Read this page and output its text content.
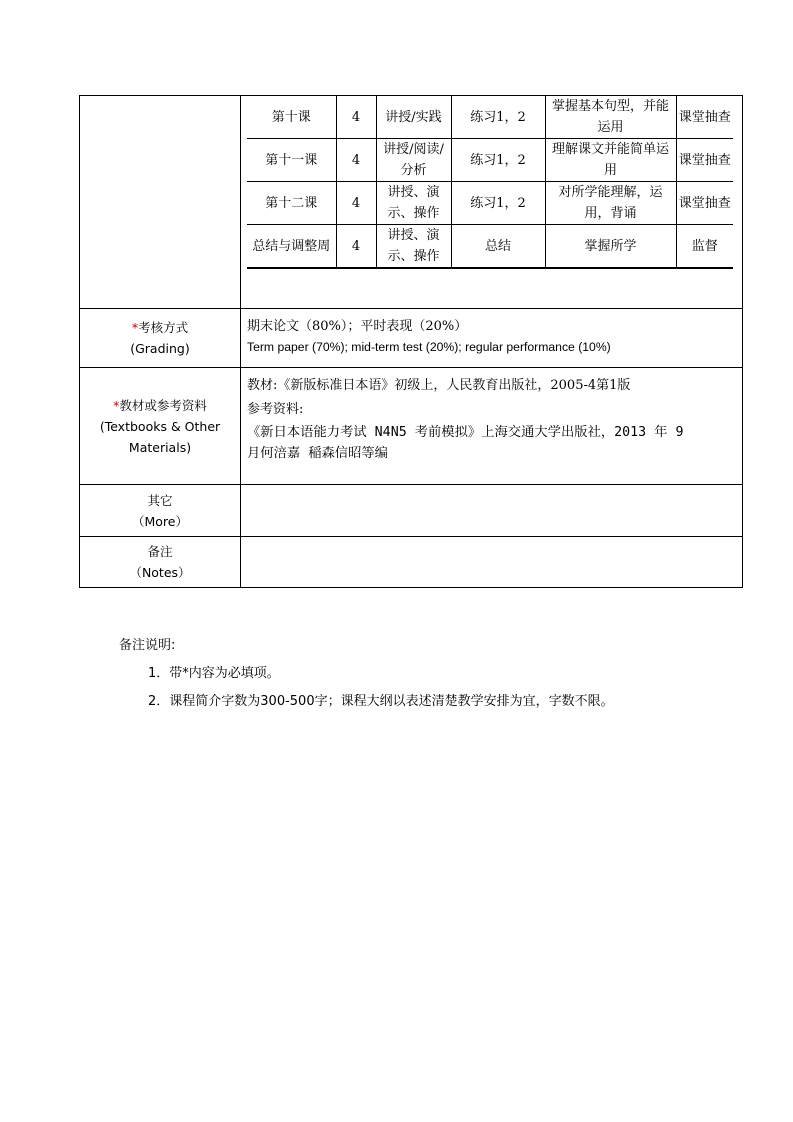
第十课	4	讲授/实践	练习1，2	掌握基本句型，并能运用	课堂抽查
第十一课	4	讲授/阅读/分析	练习1，2	理解课文并能简单运用	课堂抽查
第十二课	4	讲授、演示、操作	练习1，2	对所学能理解，运用，背诵	课堂抽查
总结与调整周	4	讲授、演示、操作	总结	掌握所学	监督

*考核方式
(Grading)

期末论文（80%）；平时表现（20%）
Term paper (70%); mid-term test (20%); regular performance (10%)

*教材或参考资料
(Textbooks & Other
Materials)

教材:《新版标准日本语》初级上，人民教育出版社，2005-4第1版
参考资料:
《新日本语能力考试 N4N5 考前模拟》上海交通大学出版社，2013 年 9
月何涪嘉 稲森信昭等编

其它
（More）

备注
（Notes）

备注说明:
1．带*内容为必填项。
2．课程简介字数为300-500字；课程大纲以表述清楚教学安排为宜，字数不限。
